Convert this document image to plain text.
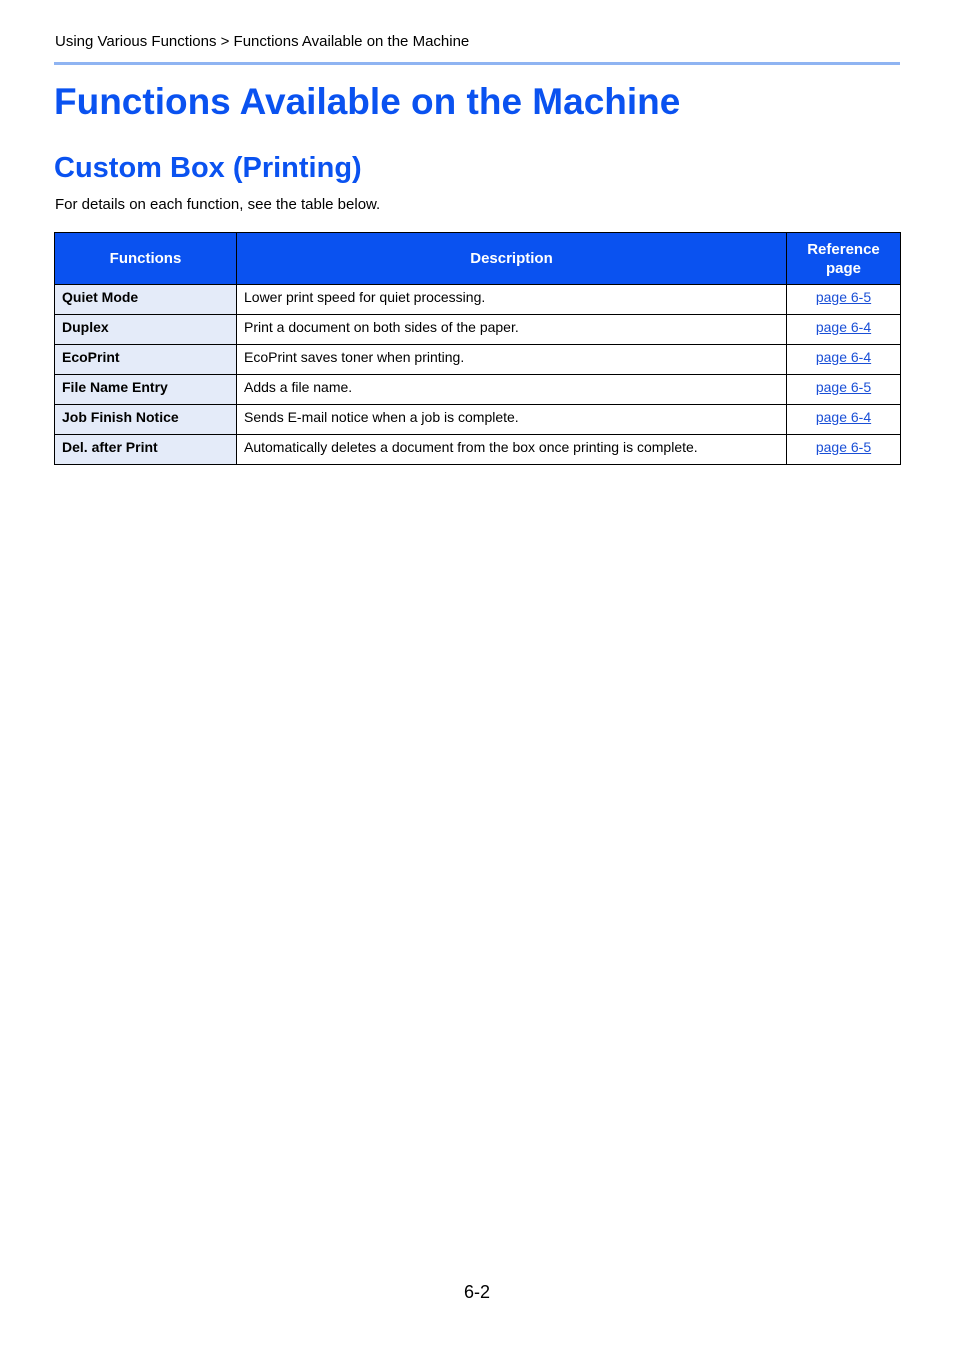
Using Various Functions > Functions Available on the Machine
Functions Available on the Machine
Custom Box (Printing)
For details on each function, see the table below.
Functions	Description	Reference page
Quiet Mode	Lower print speed for quiet processing.	page 6-5
Duplex	Print a document on both sides of the paper.	page 6-4
EcoPrint	EcoPrint saves toner when printing.	page 6-4
File Name Entry	Adds a file name.	page 6-5
Job Finish Notice	Sends E-mail notice when a job is complete.	page 6-4
Del. after Print	Automatically deletes a document from the box once printing is complete.	page 6-5
6-2
